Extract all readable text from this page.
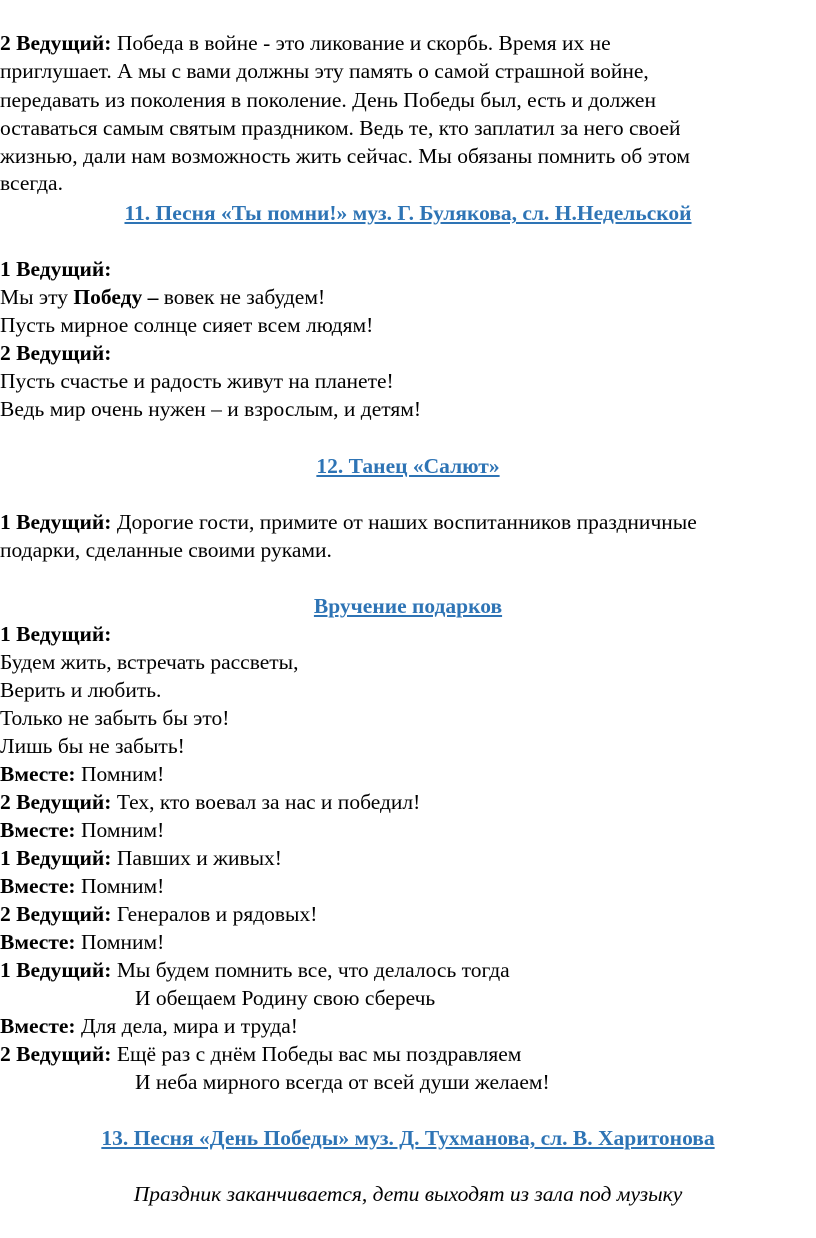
2 Ведущий: Победа в войне - это ликование и скорбь. Время их не
приглушает. А мы с вами должны эту память о самой страшной войне,
передавать из поколения в поколение. День Победы был, есть и должен
оставаться самым святым праздником. Ведь те, кто заплатил за него своей
жизнью, дали нам возможность жить сейчас. Мы обязаны помнить об этом
всегда.
11. Песня «Ты помни!» муз. Г. Булякова, сл. Н.Недельской
1 Ведущий:
Мы эту Победу – вовек не забудем!
Пусть мирное солнце сияет всем людям!
2 Ведущий:
Пусть счастье и радость живут на планете!
Ведь мир очень нужен – и взрослым, и детям!
12. Танец «Салют»
1 Ведущий: Дорогие гости, примите от наших воспитанников праздничные
подарки, сделанные своими руками.
Вручение подарков
1 Ведущий:
Будем жить, встречать рассветы,
Верить и любить.
Только не забыть бы это!
Лишь бы не забыть!
Вместе: Помним!
2 Ведущий: Тех, кто воевал за нас и победил!
Вместе: Помним!
1 Ведущий: Павших и живых!
Вместе: Помним!
2 Ведущий: Генералов и рядовых!
Вместе: Помним!
1 Ведущий: Мы будем помнить все, что делалось тогда
И обещаем Родину свою сберечь
Вместе: Для дела, мира и труда!
2 Ведущий: Ещё раз с днём Победы вас мы поздравляем
И неба мирного всегда от всей души желаем!
13. Песня «День Победы» муз. Д. Тухманова, сл. В. Харитонова
Праздник заканчивается, дети выходят из зала под музыку
